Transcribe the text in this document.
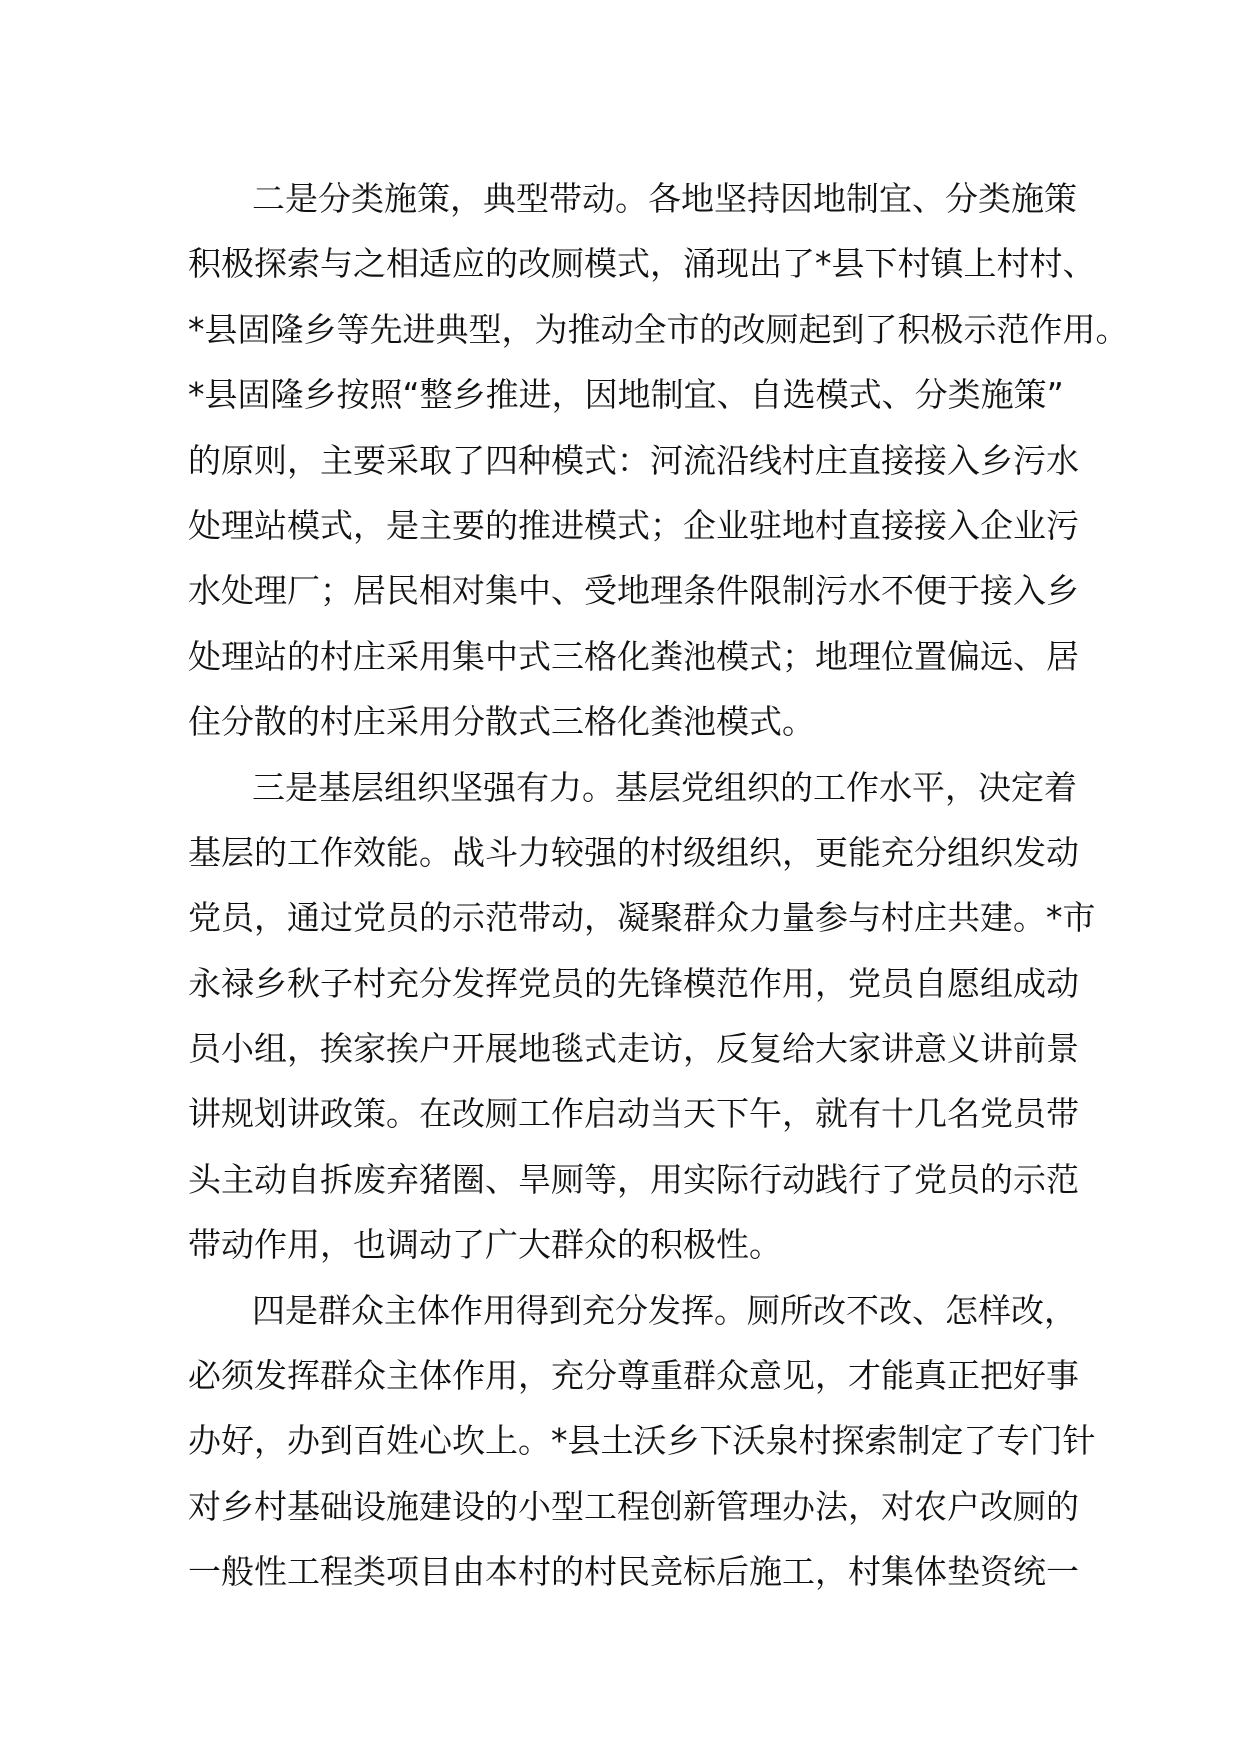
二是分类施策，典型带动。各地坚持因地制宜、分类施策
积极探索与之相适应的改厕模式，涌现出了*县下村镇上村村、
*县固隆乡等先进典型，为推动全市的改厕起到了积极示范作用。
*县固隆乡按照“整乡推进，因地制宜、自选模式、分类施策”
的原则，主要采取了四种模式：河流沿线村庄直接接入乡污水
处理站模式，是主要的推进模式；企业驻地村直接接入企业污
水处理厂；居民相对集中、受地理条件限制污水不便于接入乡
处理站的村庄采用集中式三格化粪池模式；地理位置偏远、居
住分散的村庄采用分散式三格化粪池模式。
三是基层组织坚强有力。基层党组织的工作水平，决定着
基层的工作效能。战斗力较强的村级组织，更能充分组织发动
党员，通过党员的示范带动，凝聚群众力量参与村庄共建。*市
永禄乡秋子村充分发挥党员的先锋模范作用，党员自愿组成动
员小组，挨家挨户开展地毯式走访，反复给大家讲意义讲前景
讲规划讲政策。在改厕工作启动当天下午，就有十几名党员带
头主动自拆废弃猪圈、旱厕等，用实际行动践行了党员的示范
带动作用，也调动了广大群众的积极性。
四是群众主体作用得到充分发挥。厕所改不改、怎样改，
必须发挥群众主体作用，充分尊重群众意见，才能真正把好事
办好，办到百姓心坎上。*县土沃乡下沃泉村探索制定了专门针
对乡村基础设施建设的小型工程创新管理办法，对农户改厕的
一般性工程类项目由本村的村民竞标后施工，村集体垫资统一
